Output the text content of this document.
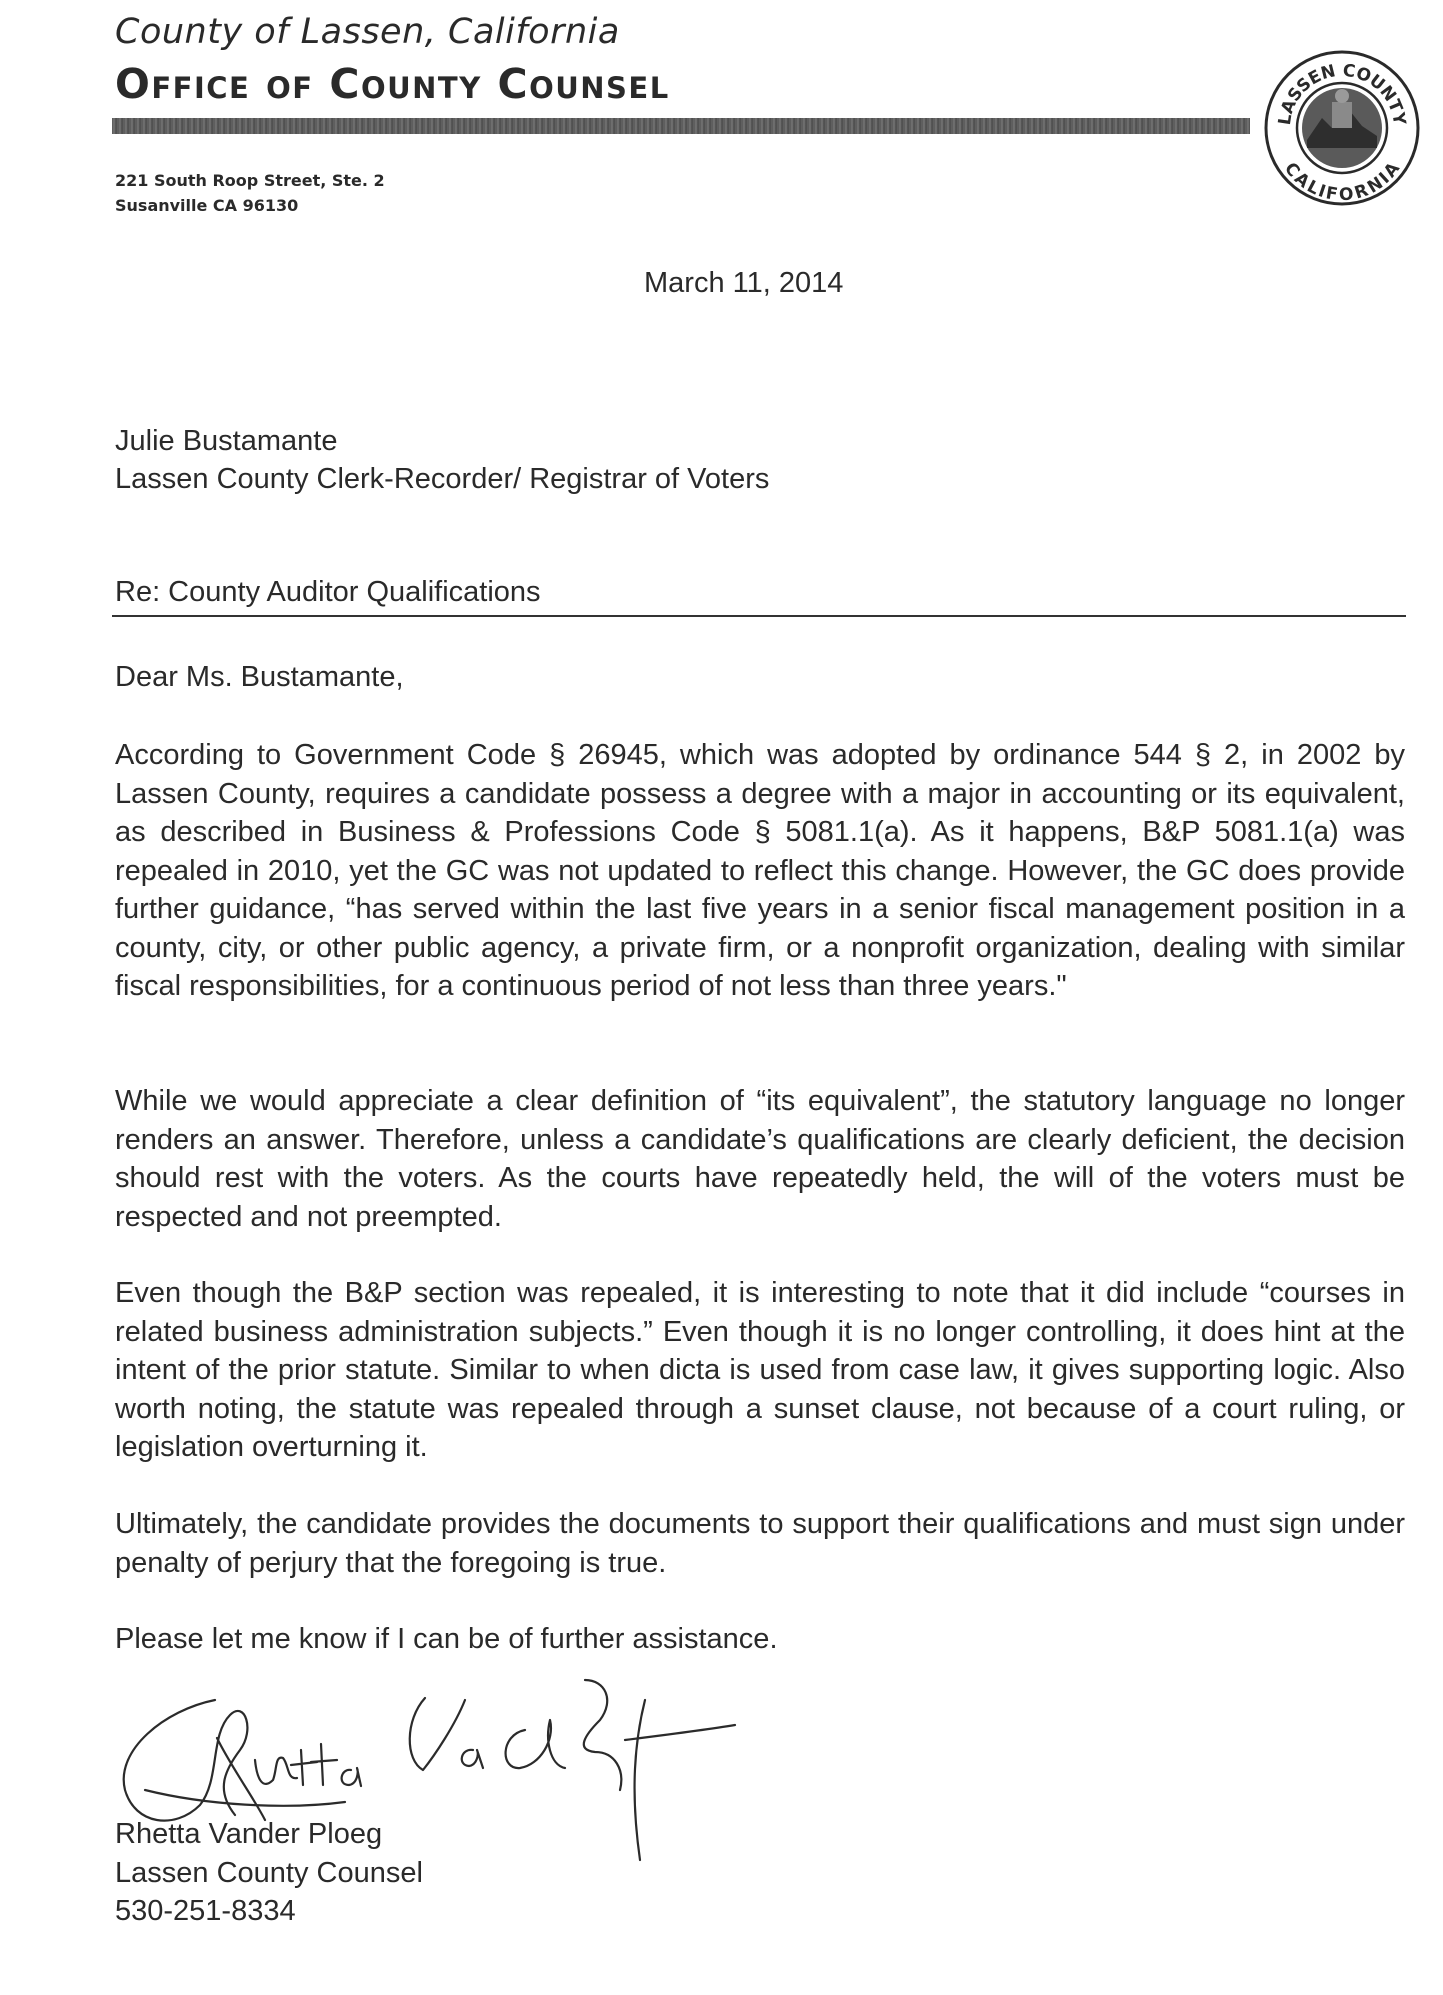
County of Lassen, California
Office of County Counsel
221 South Roop Street, Ste. 2
Susanville CA 96130
LASSEN COUNTY
CALIFORNIA
March 11, 2014
Julie Bustamante
Lassen County Clerk-Recorder/ Registrar of Voters
Re: County Auditor Qualifications
Dear Ms. Bustamante,

According to Government Code § 26945, which was adopted by ordinance 544 § 2, in 2002 by Lassen County, requires a candidate possess a degree with a major in accounting or its equivalent, as described in Business & Professions Code § 5081.1(a). As it happens, B&P 5081.1(a) was repealed in 2010, yet the GC was not updated to reflect this change. However, the GC does provide further guidance, “has served within the last five years in a senior fiscal management position in a county, city, or other public agency, a private firm, or a nonprofit organization, dealing with similar fiscal responsibilities, for a continuous period of not less than three years."

While we would appreciate a clear definition of “its equivalent”, the statutory language no longer renders an answer. Therefore, unless a candidate’s qualifications are clearly deficient, the decision should rest with the voters. As the courts have repeatedly held, the will of the voters must be respected and not preempted.

Even though the B&P section was repealed, it is interesting to note that it did include “courses in related business administration subjects.” Even though it is no longer controlling, it does hint at the intent of the prior statute. Similar to when dicta is used from case law, it gives supporting logic. Also worth noting, the statute was repealed through a sunset clause, not because of a court ruling, or legislation overturning it.

Ultimately, the candidate provides the documents to support their qualifications and must sign under penalty of perjury that the foregoing is true.

Please let me know if I can be of further assistance.

Rhetta Vander Ploeg
Lassen County Counsel
530-251-8334
